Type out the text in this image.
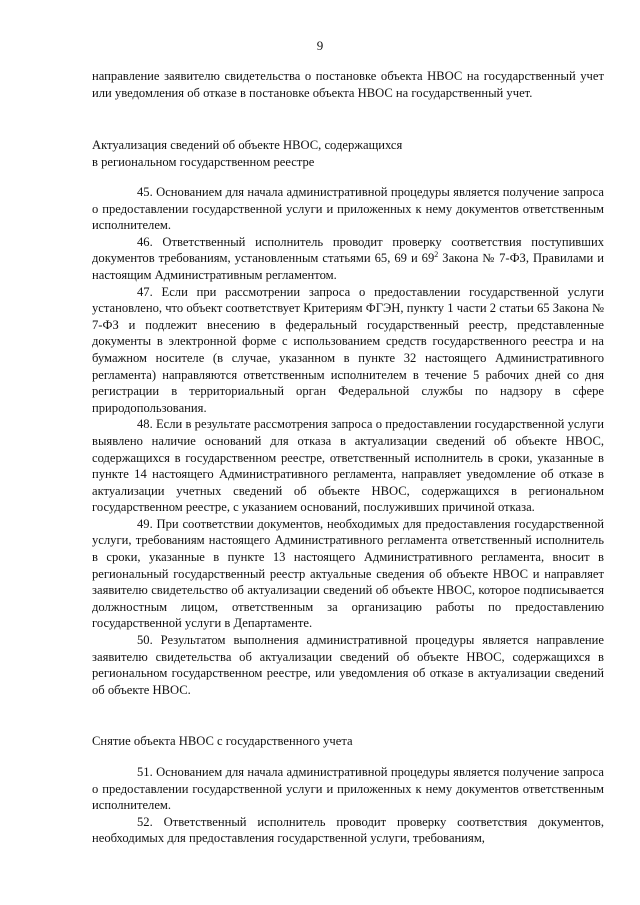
9

направление заявителю свидетельства о постановке объекта НВОС на государственный учет или уведомления об отказе в постановке объекта НВОС на государственный учет.

Актуализация сведений об объекте НВОС, содержащихся

в региональном государственном реестре

45. Основанием для начала административной процедуры является получение запроса о предоставлении государственной услуги и приложенных к нему документов ответственным исполнителем.

46. Ответственный исполнитель проводит проверку соответствия поступивших документов требованиям, установленным статьями 65, 69 и $69^2$ Закона № 7-ФЗ, Правилами и настоящим Административным регламентом.

47. Если при рассмотрении запроса о предоставлении государственной услуги установлено, что объект соответствует Критериям ФГЭН, пункту 1 части 2 статьи 65 Закона № 7-ФЗ и подлежит внесению в федеральный государственный реестр, представленные документы в электронной форме с использованием средств государственного реестра и на бумажном носителе (в случае, указанном в пункте 32 настоящего Административного регламента) направляются ответственным исполнителем в течение 5 рабочих дней со дня регистрации в территориальный орган Федеральной службы по надзору в сфере природопользования.

48. Если в результате рассмотрения запроса о предоставлении государственной услуги выявлено наличие оснований для отказа в актуализации сведений об объекте НВОС, содержащихся в государственном реестре, ответственный исполнитель в сроки, указанные в пункте 14 настоящего Административного регламента, направляет уведомление об отказе в актуализации учетных сведений об объекте НВОС, содержащихся в региональном государственном реестре, с указанием оснований, послуживших причиной отказа.

49. При соответствии документов, необходимых для предоставления государственной услуги, требованиям настоящего Административного регламента ответственный исполнитель в сроки, указанные в пункте 13 настоящего Административного регламента, вносит в региональный государственный реестр актуальные сведения об объекте НВОС и направляет заявителю свидетельство об актуализации сведений об объекте НВОС, которое подписывается должностным лицом, ответственным за организацию работы по предоставлению государственной услуги в Департаменте.

50. Результатом выполнения административной процедуры является направление заявителю свидетельства об актуализации сведений об объекте НВОС, содержащихся в региональном государственном реестре, или уведомления об отказе в актуализации сведений об объекте НВОС.

Снятие объекта НВОС с государственного учета

51. Основанием для начала административной процедуры является получение запроса о предоставлении государственной услуги и приложенных к нему документов ответственным исполнителем.

52. Ответственный исполнитель проводит проверку соответствия документов, необходимых для предоставления государственной услуги, требованиям,
